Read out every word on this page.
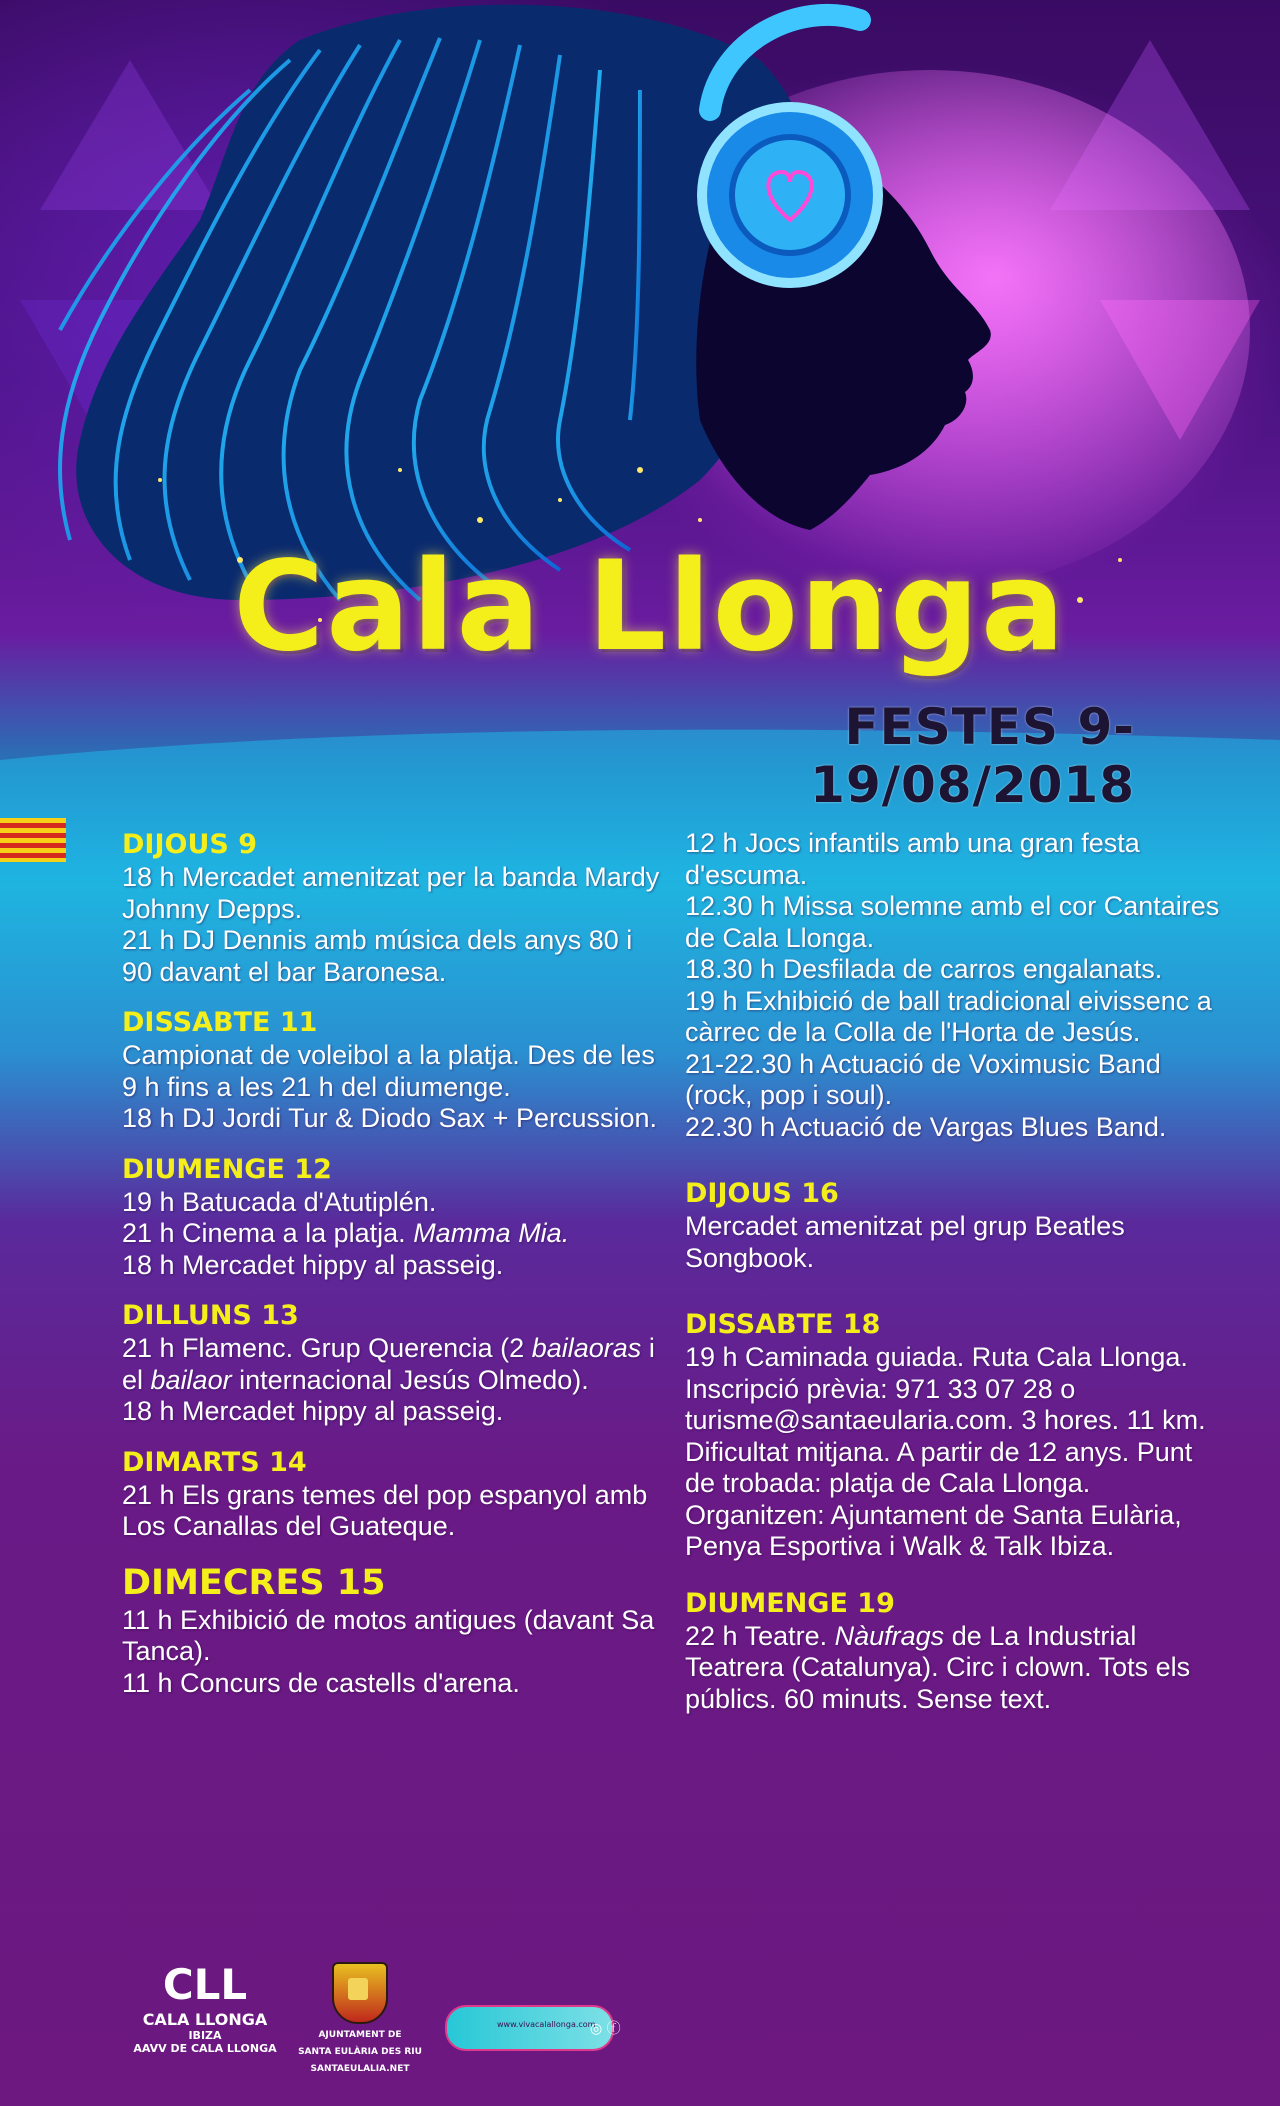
Cala Llonga
FESTES 9-19/08/2018
DIJOUS 9
18 h Mercadet amenitzat per la banda Mardy Johnny Depps.
21 h DJ Dennis amb música dels anys 80 i 90 davant el bar Baronesa.
DISSABTE 11
Campionat de voleibol a la platja. Des de les 9 h fins a les 21 h del diumenge.
18 h DJ Jordi Tur & Diodo Sax + Percussion.
DIUMENGE 12
19 h Batucada d'Atutiplén.
21 h Cinema a la platja. Mamma Mia.
18 h Mercadet hippy al passeig.
DILLUNS 13
21 h Flamenc. Grup Querencia (2 bailaoras i el bailaor internacional Jesús Olmedo).
18 h Mercadet hippy al passeig.
DIMARTS 14
21 h Els grans temes del pop espanyol amb Los Canallas del Guateque.
DIMECRES 15
11 h Exhibició de motos antigues (davant Sa Tanca).
11 h Concurs de castells d'arena.
12 h Jocs infantils amb una gran festa d'escuma.
12.30 h Missa solemne amb el cor Cantaires de Cala Llonga.
18.30 h Desfilada de carros engalanats.
19 h Exhibició de ball tradicional eivissenc a càrrec de la Colla de l'Horta de Jesús.
21-22.30 h Actuació de Voximusic Band (rock, pop i soul).
22.30 h Actuació de Vargas Blues Band.
DIJOUS 16
Mercadet amenitzat pel grup Beatles Songbook.
DISSABTE 18
19 h Caminada guiada. Ruta Cala Llonga. Inscripció prèvia: 971 33 07 28 o turisme@santaeularia.com. 3 hores. 11 km. Dificultat mitjana. A partir de 12 anys. Punt de trobada: platja de Cala Llonga. Organitzen: Ajuntament de Santa Eulària, Penya Esportiva i Walk & Talk Ibiza.
DIUMENGE 19
22 h Teatre. Nàufrags de La Industrial Teatrera (Catalunya). Circ i clown. Tots els públics. 60 minuts. Sense text.
CLL
CALA LLONGA
IBIZA
AAVV DE CALA LLONGA
AJUNTAMENT DE
SANTA EULÀRIA DES RIU
SANTAEULALIA.NET
www.vivacalallonga.com
◎ ⓕ
